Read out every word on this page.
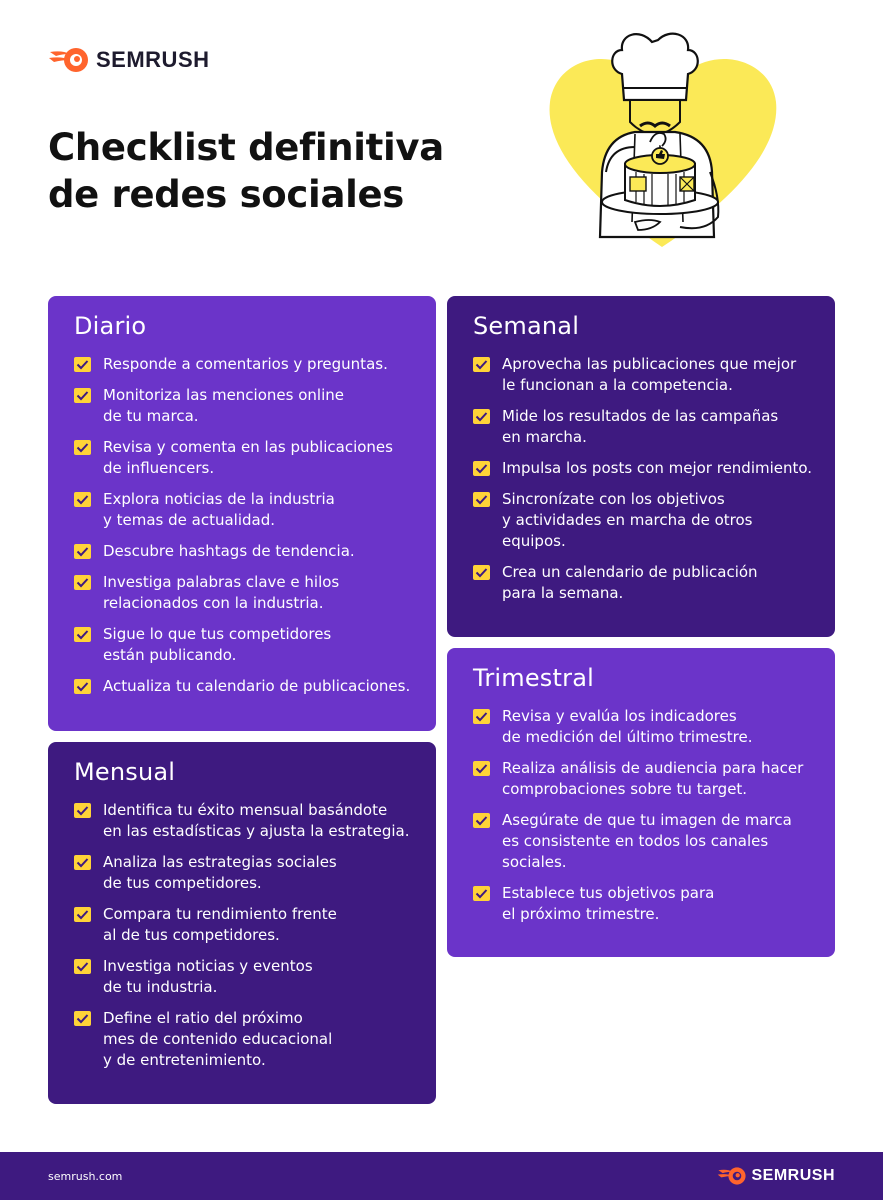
SEMRUSH
Checklist definitiva
de redes sociales
Diario
Responde a comentarios y preguntas.
Monitoriza las menciones online
de tu marca.
Revisa y comenta en las publicaciones
de influencers.
Explora noticias de la industria
y temas de actualidad.
Descubre hashtags de tendencia.
Investiga palabras clave e hilos
relacionados con la industria.
Sigue lo que tus competidores
están publicando.
Actualiza tu calendario de publicaciones.
Semanal
Aprovecha las publicaciones que mejor
le funcionan a la competencia.
Mide los resultados de las campañas
en marcha.
Impulsa los posts con mejor rendimiento.
Sincronízate con los objetivos
y actividades en marcha de otros
equipos.
Crea un calendario de publicación
para la semana.
Mensual
Identifica tu éxito mensual basándote
en las estadísticas y ajusta la estrategia.
Analiza las estrategias sociales
de tus competidores.
Compara tu rendimiento frente
al de tus competidores.
Investiga noticias y eventos
de tu industria.
Define el ratio del próximo
mes de contenido educacional
y de entretenimiento.
Trimestral
Revisa y evalúa los indicadores
de medición del último trimestre.
Realiza análisis de audiencia para hacer
comprobaciones sobre tu target.
Asegúrate de que tu imagen de marca
es consistente en todos los canales
sociales.
Establece tus objetivos para
el próximo trimestre.
semrush.com	SEMRUSH
